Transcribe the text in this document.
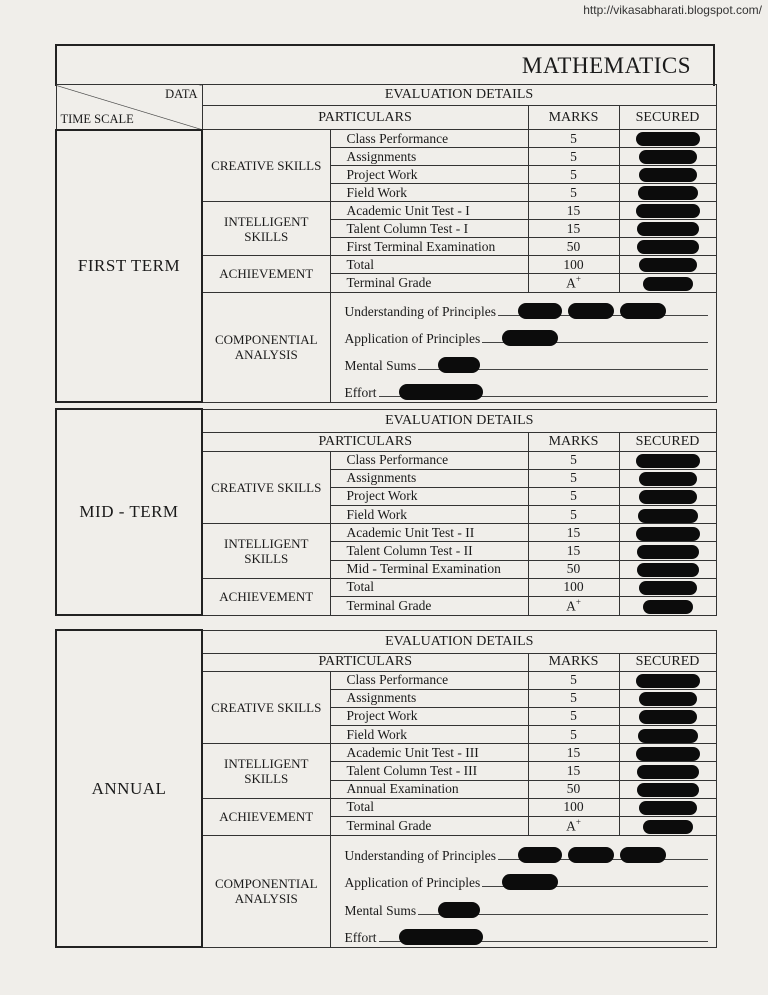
http://vikasabharati.blogspot.com/
MATHEMATICS
DATA
TIME SCALE	EVALUATION DETAILS			
	PARTICULARS		MARKS	SECURED
FIRST TERM	CREATIVE SKILLS	Class Performance	5	
		Assignments	5	
		Project Work	5	
		Field Work	5	
	INTELLIGENT SKILLS	Academic Unit Test - I	15	
		Talent Column Test - I	15	
		First Terminal Examination	50	
	ACHIEVEMENT	Total	100	
		Terminal Grade	A+	
	COMPONENTIAL ANALYSIS	Understanding of Principles
Application of Principles
Mental Sums
Effort		
MID - TERM	EVALUATION DETAILS			
	PARTICULARS		MARKS	SECURED
	CREATIVE SKILLS	Class Performance	5	
		Assignments	5	
		Project Work	5	
		Field Work	5	
	INTELLIGENT SKILLS	Academic Unit Test - II	15	
		Talent Column Test - II	15	
		Mid - Terminal Examination	50	
	ACHIEVEMENT	Total	100	
		Terminal Grade	A+	
ANNUAL	EVALUATION DETAILS			
	PARTICULARS		MARKS	SECURED
	CREATIVE SKILLS	Class Performance	5	
		Assignments	5	
		Project Work	5	
		Field Work	5	
	INTELLIGENT SKILLS	Academic Unit Test - III	15	
		Talent Column Test - III	15	
		Annual Examination	50	
	ACHIEVEMENT	Total	100	
		Terminal Grade	A+	
	COMPONENTIAL ANALYSIS	Understanding of Principles
Application of Principles
Mental Sums
Effort		
